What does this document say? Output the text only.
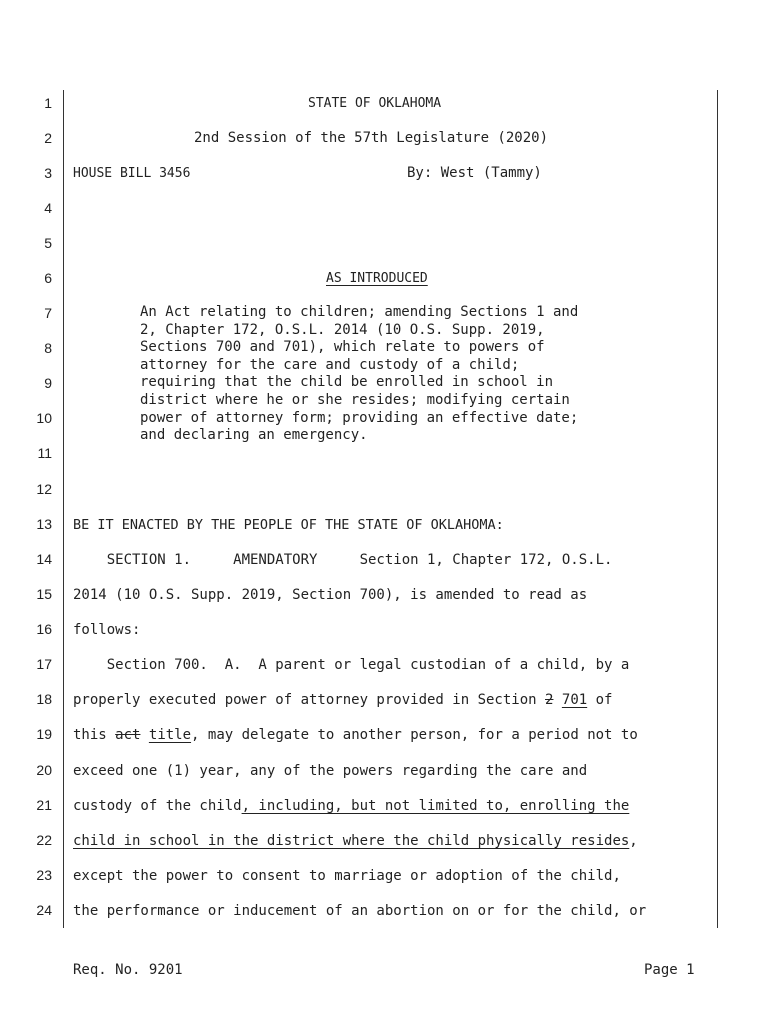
1
2
3
4
5
6
7
8
9
10
11
12
13
14
15
16
17
18
19
20
21
22
23
24
STATE OF OKLAHOMA
2nd Session of the 57th Legislature (2020)
HOUSE BILL 3456	By: West (Tammy)
AS INTRODUCED
An Act relating to children; amending Sections 1 and
2, Chapter 172, O.S.L. 2014 (10 O.S. Supp. 2019,
Sections 700 and 701), which relate to powers of
attorney for the care and custody of a child;
requiring that the child be enrolled in school in
district where he or she resides; modifying certain
power of attorney form; providing an effective date;
and declaring an emergency.
BE IT ENACTED BY THE PEOPLE OF THE STATE OF OKLAHOMA:
SECTION 1.     AMENDATORY     Section 1, Chapter 172, O.S.L.
2014 (10 O.S. Supp. 2019, Section 700), is amended to read as
follows:
Section 700.  A.  A parent or legal custodian of a child, by a
properly executed power of attorney provided in Section 2 701 of
this act title, may delegate to another person, for a period not to
exceed one (1) year, any of the powers regarding the care and
custody of the child, including, but not limited to, enrolling the
child in school in the district where the child physically resides,
except the power to consent to marriage or adoption of the child,
the performance or inducement of an abortion on or for the child, or
Req. No. 9201	Page 1
